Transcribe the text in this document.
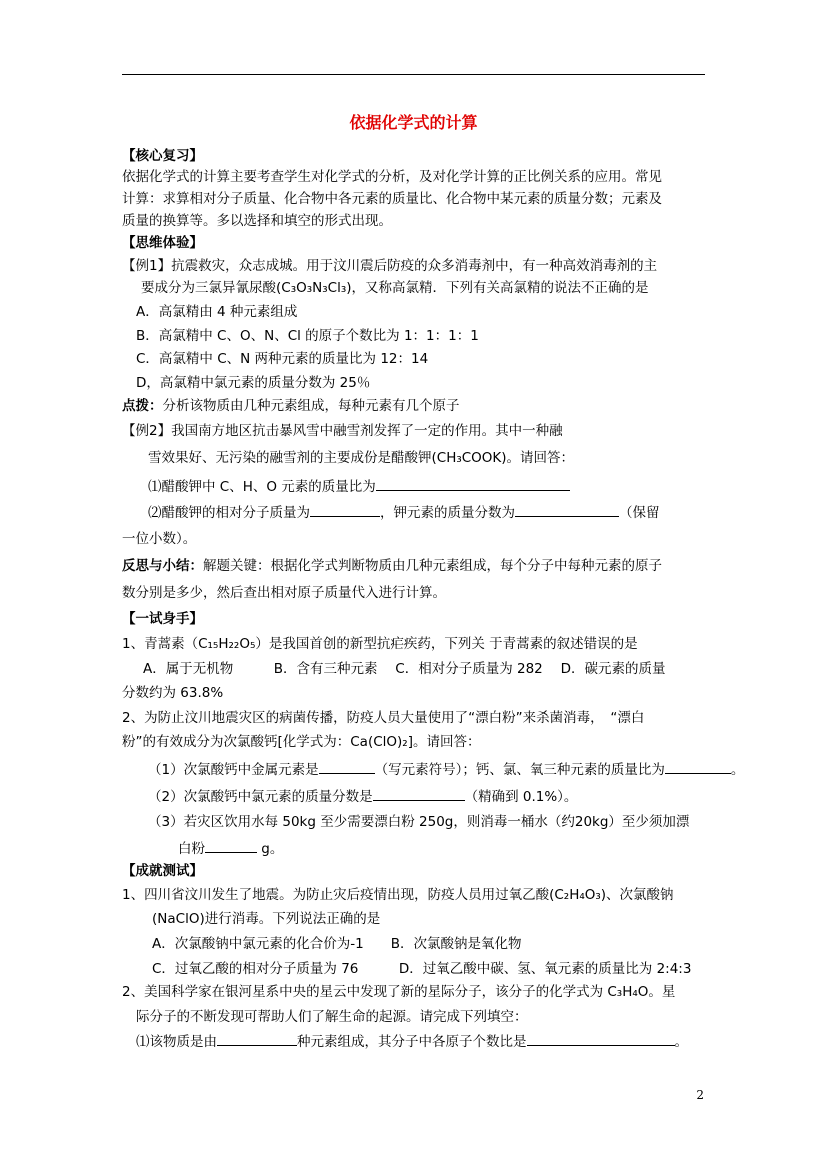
依据化学式的计算
【核心复习】
依据化学式的计算主要考查学生对化学式的分析，及对化学计算的正比例关系的应用。常见
计算：求算相对分子质量、化合物中各元素的质量比、化合物中某元素的质量分数；元素及
质量的换算等。多以选择和填空的形式出现。
【思维体验】
【例1】抗震救灾，众志成城。用于汶川震后防疫的众多消毒剂中，有一种高效消毒剂的主
要成分为三氯异氰尿酸(C₃O₃N₃Cl₃)，又称高氯精．下列有关高氯精的说法不正确的是
A．高氯精由 4 种元素组成
B．高氯精中 C、O、N、Cl 的原子个数比为 1：1：1：1
C．高氯精中 C、N 两种元素的质量比为 12：14
D，高氯精中氯元素的质量分数为 25％
点拨：分析该物质由几种元素组成，每种元素有几个原子
【例2】我国南方地区抗击暴风雪中融雪剂发挥了一定的作用。其中一种融
雪效果好、无污染的融雪剂的主要成份是醋酸钾(CH₃COOK)。请回答：
⑴醋酸钾中 C、H、O 元素的质量比为
⑵醋酸钾的相对分子质量为	，钾元素的质量分数为	（保留
一位小数）。
反思与小结：解题关键：根据化学式判断物质由几种元素组成，每个分子中每种元素的原子
数分别是多少，然后查出相对原子质量代入进行计算。
【一试身手】
1、青蒿素（C₁₅H₂₂O₅）是我国首创的新型抗疟疾药，下列关 于青蒿素的叙述错误的是
A．属于无机物　　　B．含有三种元素　 C．相对分子质量为 282　 D．碳元素的质量
分数约为 63.8%
2、为防止汶川地震灾区的病菌传播，防疫人员大量使用了“漂白粉”来杀菌消毒，　“漂白
粉”的有效成分为次氯酸钙[化学式为：Ca(ClO)₂]。请回答：
（1）次氯酸钙中金属元素是	（写元素符号）；钙、氯、氧三种元素的质量比为	。
（2）次氯酸钙中氯元素的质量分数是	（精确到 0.1%）。
（3）若灾区饮用水每 50kg 至少需要漂白粉 250g，则消毒一桶水（约20kg）至少须加漂
白粉	g。
【成就测试】
1、四川省汶川发生了地震。为防止灾后疫情出现，防疫人员用过氧乙酸(C₂H₄O₃)、次氯酸钠
(NaClO)进行消毒。下列说法正确的是
A．次氯酸钠中氯元素的化合价为-1　　B．次氯酸钠是氧化物
C．过氧乙酸的相对分子质量为 76　　　D．过氧乙酸中碳、氢、氧元素的质量比为 2:4:3
2、美国科学家在银河星系中央的星云中发现了新的星际分子，该分子的化学式为 C₃H₄O。星
际分子的不断发现可帮助人们了解生命的起源。请完成下列填空：
⑴该物质是由	种元素组成，其分子中各原子个数比是	。
2
